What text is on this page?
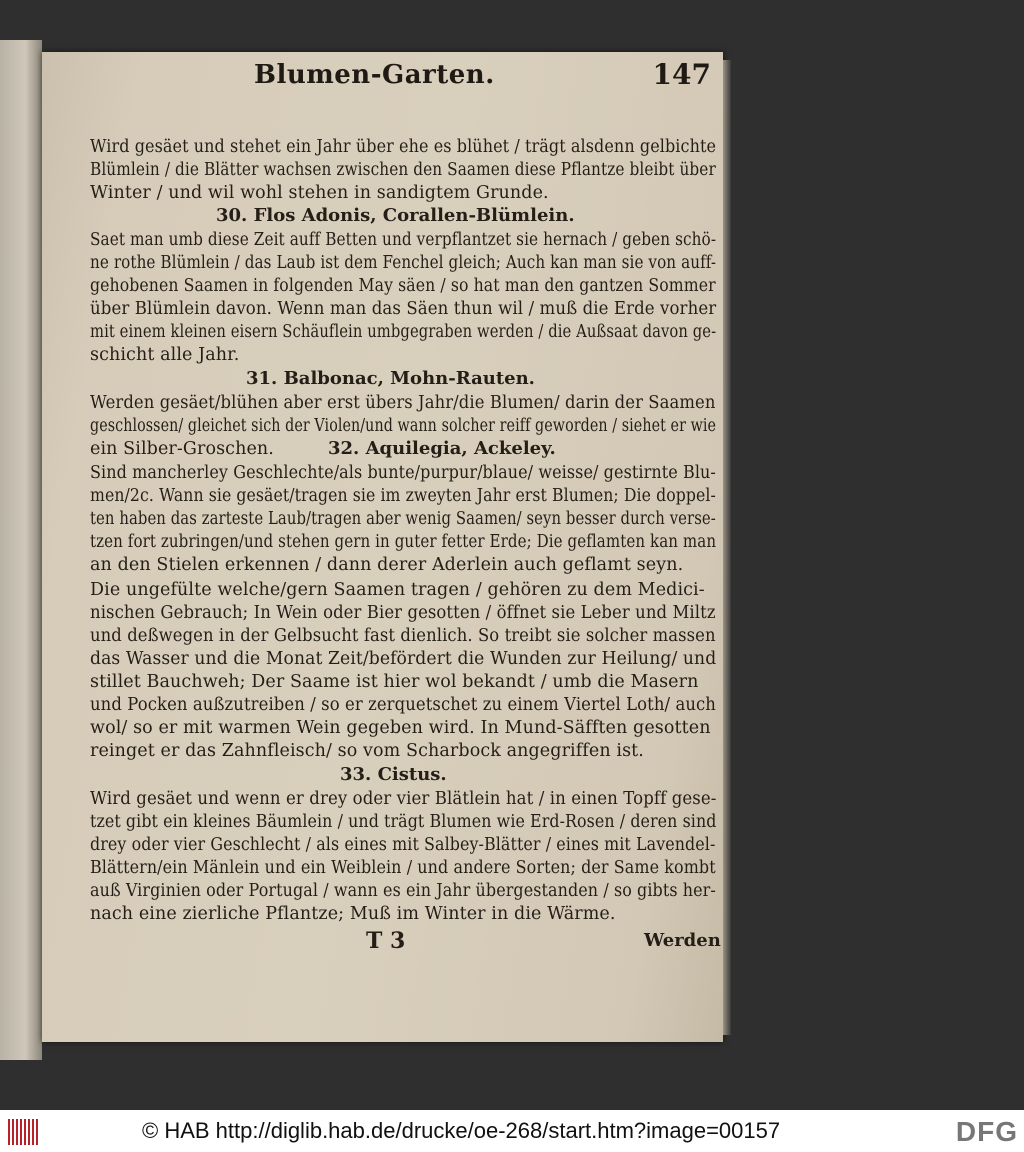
Blumen-Garten.	147
Wird gesäet und stehet ein Jahr über ehe es blühet / trägt alsdenn gelbichte
Blümlein / die Blätter wachsen zwischen den Saamen diese Pflantze bleibt über
Winter / und wil wohl stehen in sandigtem Grunde.
30. Flos Adonis, Corallen-Blümlein.
Saet man umb diese Zeit auff Betten und verpflantzet sie hernach / geben schö-
ne rothe Blümlein / das Laub ist dem Fenchel gleich; Auch kan man sie von auff-
gehobenen Saamen in folgenden May säen / so hat man den gantzen Sommer
über Blümlein davon. Wenn man das Säen thun wil / muß die Erde vorher
mit einem kleinen eisern Schäuflein umbgegraben werden / die Außsaat davon ge-
schicht alle Jahr.
31. Balbonac, Mohn-Rauten.
Werden gesäet/blühen aber erst übers Jahr/die Blumen/ darin der Saamen
geschlossen/ gleichet sich der Violen/und wann solcher reiff geworden / siehet er wie
ein Silber-Groschen.	32. Aquilegia, Ackeley.
Sind mancherley Geschlechte/als bunte/purpur/blaue/ weisse/ gestirnte Blu-
men/2c. Wann sie gesäet/tragen sie im zweyten Jahr erst Blumen; Die doppel-
ten haben das zarteste Laub/tragen aber wenig Saamen/ seyn besser durch verse-
tzen fort zubringen/und stehen gern in guter fetter Erde; Die geflamten kan man
an den Stielen erkennen / dann derer Aderlein auch geflamt seyn.
Die ungefülte welche/gern Saamen tragen / gehören zu dem Medici-
nischen Gebrauch; In Wein oder Bier gesotten / öffnet sie Leber und Miltz
und deßwegen in der Gelbsucht fast dienlich. So treibt sie solcher massen
das Wasser und die Monat Zeit/befördert die Wunden zur Heilung/ und
stillet Bauchweh; Der Saame ist hier wol bekandt / umb die Masern
und Pocken außzutreiben / so er zerquetschet zu einem Viertel Loth/ auch
wol/ so er mit warmen Wein gegeben wird. In Mund-Säfften gesotten
reinget er das Zahnfleisch/ so vom Scharbock angegriffen ist.
33. Cistus.
Wird gesäet und wenn er drey oder vier Blätlein hat / in einen Topff gese-
tzet gibt ein kleines Bäumlein / und trägt Blumen wie Erd-Rosen / deren sind
drey oder vier Geschlecht / als eines mit Salbey-Blätter / eines mit Lavendel-
Blättern/ein Mänlein und ein Weiblein / und andere Sorten; der Same kombt
auß Virginien oder Portugal / wann es ein Jahr übergestanden / so gibts her-
nach eine zierliche Pflantze; Muß im Winter in die Wärme.
T 3	Werden
© HAB http://diglib.hab.de/drucke/oe-268/start.htm?image=00157	DFG
